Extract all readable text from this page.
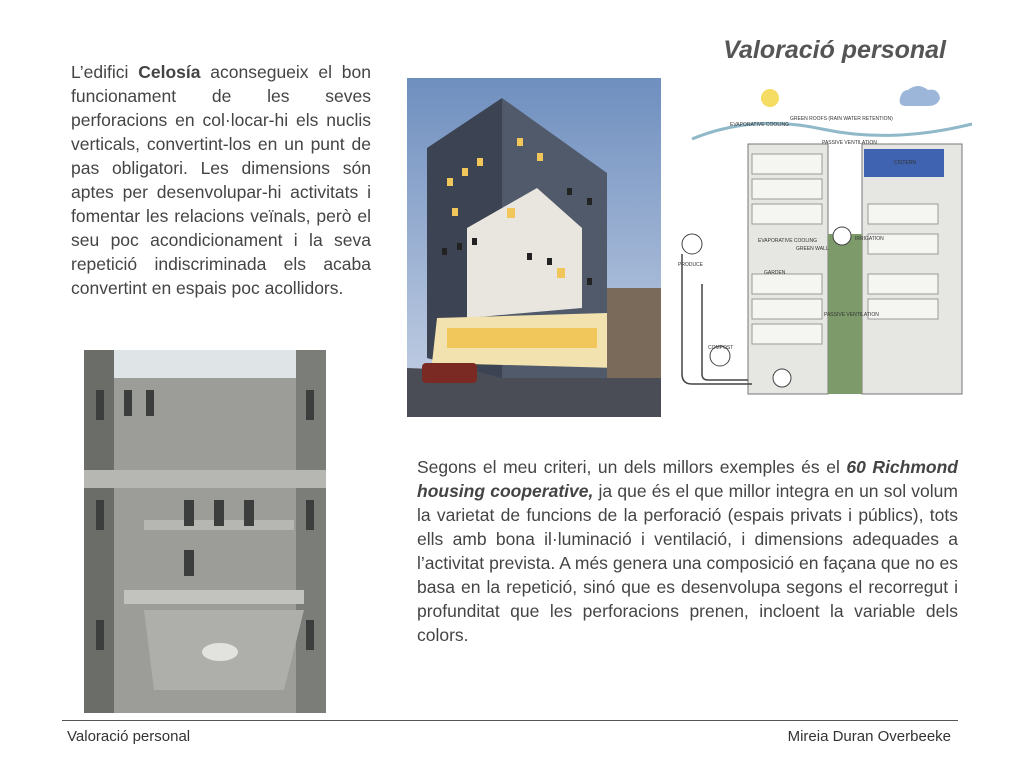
Valoració personal

L’edifici Celosía aconsegueix el bon funcionament de les seves perforacions en col·locar-hi els nuclis verticals, convertint-los en un punt de pas obligatori. Les dimensions són aptes per desenvolupar-hi activitats i fomentar les relacions veïnals, però el seu poc acondicionament i la seva repetició indiscriminada els acaba convertint en espais poc acollidors.

EVAPORATIVE COOLING
GREEN ROOFS (RAIN WATER RETENTION)
PASSIVE VENTILATION
CISTERN
EVAPORATIVE COOLING
GREEN WALL
IRRIGATION
PRODUCE
GARDEN
PASSIVE VENTILATION
COMPOST

Segons el meu criteri, un dels millors exemples és el 60 Richmond housing cooperative, ja que és el que millor integra en un sol volum la varietat de funcions de la perforació (espais privats i públics), tots ells amb bona il·luminació i ventilació, i dimensions adequades a l’activitat prevista. A més genera una composició en façana que no es basa en la repetició, sinó que es desenvolupa segons el recorregut i profunditat que les perforacions prenen, incloent la variable dels colors.

Valoració personal	Mireia Duran Overbeeke
